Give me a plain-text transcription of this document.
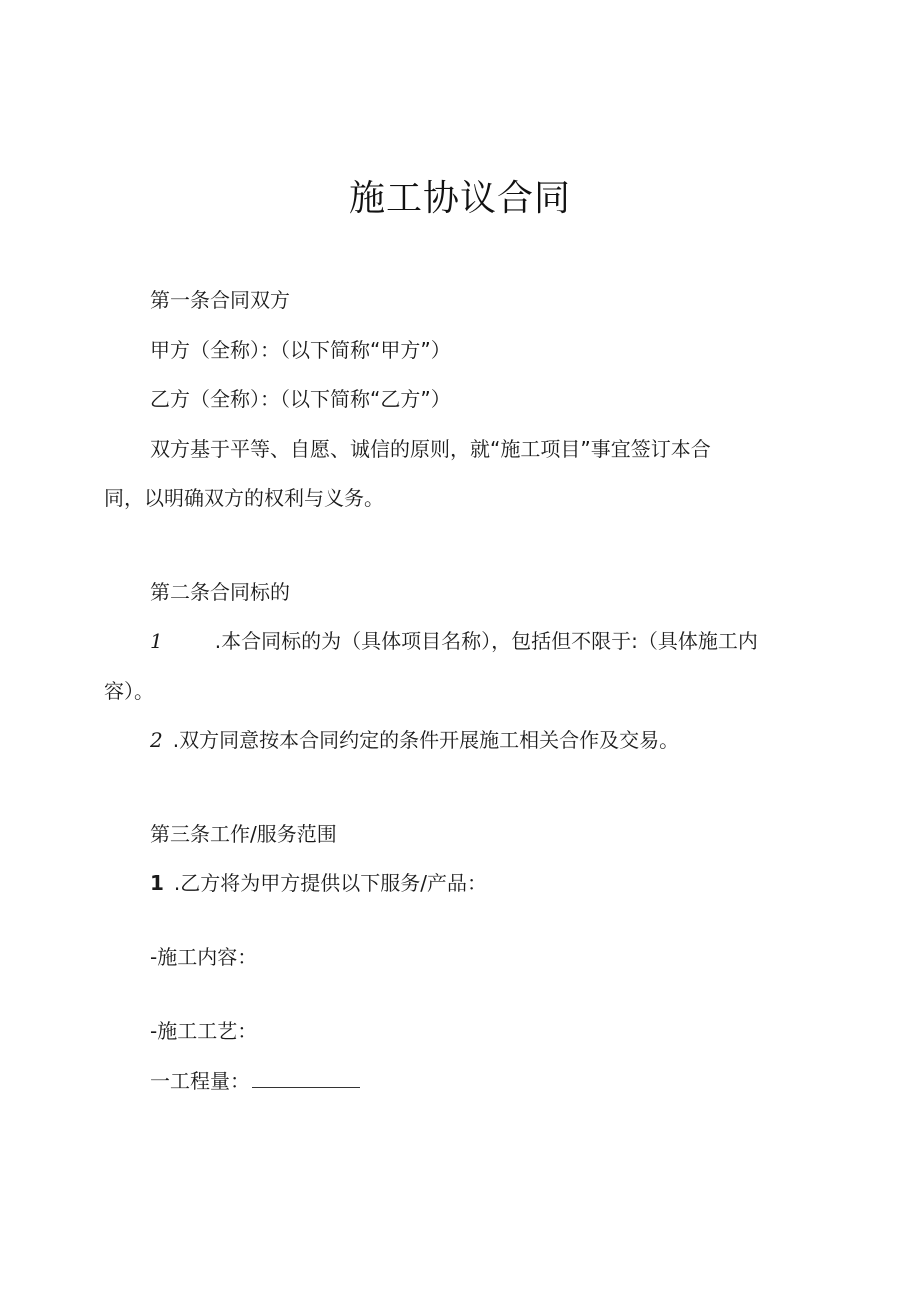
施工协议合同
第一条合同双方
甲方（全称）：（以下简称“甲方”）
乙方（全称）：（以下简称“乙方”）
双方基于平等、自愿、诚信的原则，就“施工项目”事宜签订本合
同，以明确双方的权利与义务。
第二条合同标的
1	.本合同标的为（具体项目名称），包括但不限于:（具体施工内
容）。
2 .双方同意按本合同约定的条件开展施工相关合作及交易。
第三条工作/服务范围
1 .乙方将为甲方提供以下服务/产品：
-施工内容：
-施工工艺：
一工程量：
